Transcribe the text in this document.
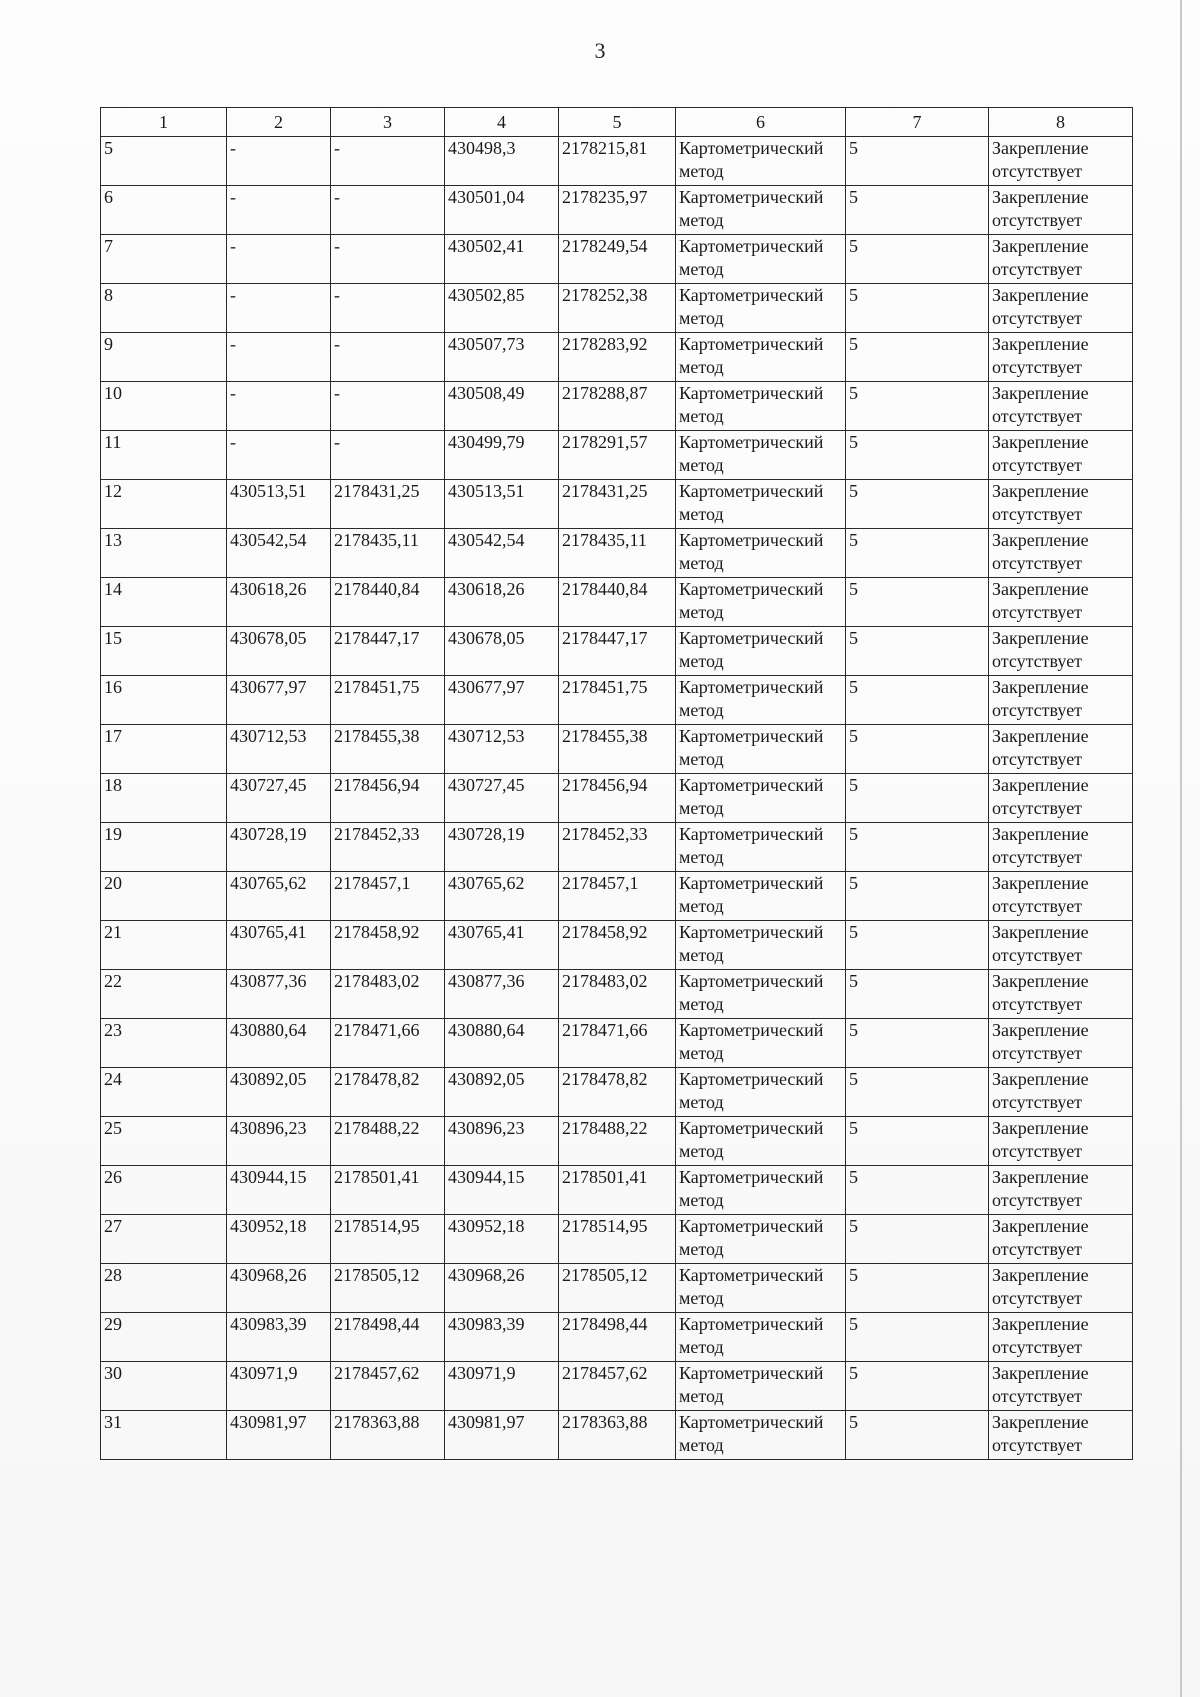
3
1	2	3	4	5	6	7	8
5	-	-	430498,3	2178215,81	Картометрический метод	5	Закрепление отсутствует
6	-	-	430501,04	2178235,97	Картометрический метод	5	Закрепление отсутствует
7	-	-	430502,41	2178249,54	Картометрический метод	5	Закрепление отсутствует
8	-	-	430502,85	2178252,38	Картометрический метод	5	Закрепление отсутствует
9	-	-	430507,73	2178283,92	Картометрический метод	5	Закрепление отсутствует
10	-	-	430508,49	2178288,87	Картометрический метод	5	Закрепление отсутствует
11	-	-	430499,79	2178291,57	Картометрический метод	5	Закрепление отсутствует
12	430513,51	2178431,25	430513,51	2178431,25	Картометрический метод	5	Закрепление отсутствует
13	430542,54	2178435,11	430542,54	2178435,11	Картометрический метод	5	Закрепление отсутствует
14	430618,26	2178440,84	430618,26	2178440,84	Картометрический метод	5	Закрепление отсутствует
15	430678,05	2178447,17	430678,05	2178447,17	Картометрический метод	5	Закрепление отсутствует
16	430677,97	2178451,75	430677,97	2178451,75	Картометрический метод	5	Закрепление отсутствует
17	430712,53	2178455,38	430712,53	2178455,38	Картометрический метод	5	Закрепление отсутствует
18	430727,45	2178456,94	430727,45	2178456,94	Картометрический метод	5	Закрепление отсутствует
19	430728,19	2178452,33	430728,19	2178452,33	Картометрический метод	5	Закрепление отсутствует
20	430765,62	2178457,1	430765,62	2178457,1	Картометрический метод	5	Закрепление отсутствует
21	430765,41	2178458,92	430765,41	2178458,92	Картометрический метод	5	Закрепление отсутствует
22	430877,36	2178483,02	430877,36	2178483,02	Картометрический метод	5	Закрепление отсутствует
23	430880,64	2178471,66	430880,64	2178471,66	Картометрический метод	5	Закрепление отсутствует
24	430892,05	2178478,82	430892,05	2178478,82	Картометрический метод	5	Закрепление отсутствует
25	430896,23	2178488,22	430896,23	2178488,22	Картометрический метод	5	Закрепление отсутствует
26	430944,15	2178501,41	430944,15	2178501,41	Картометрический метод	5	Закрепление отсутствует
27	430952,18	2178514,95	430952,18	2178514,95	Картометрический метод	5	Закрепление отсутствует
28	430968,26	2178505,12	430968,26	2178505,12	Картометрический метод	5	Закрепление отсутствует
29	430983,39	2178498,44	430983,39	2178498,44	Картометрический метод	5	Закрепление отсутствует
30	430971,9	2178457,62	430971,9	2178457,62	Картометрический метод	5	Закрепление отсутствует
31	430981,97	2178363,88	430981,97	2178363,88	Картометрический метод	5	Закрепление отсутствует
